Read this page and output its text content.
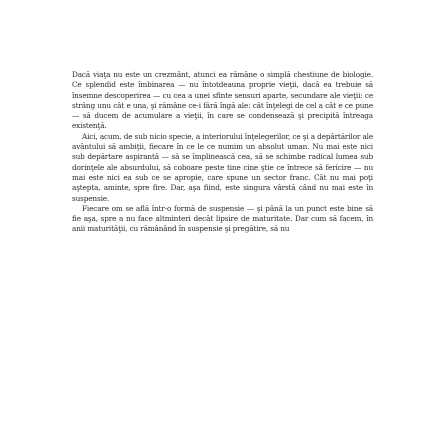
Dacă viaţa nu este un crezmânt, atunci ea rămâne o simplă chestiune de biologie. Ce splendid este îmbinarea — nu întotdeauna proprie vieţii, dacă ea trebuie să însemne descoperirea — cu cea a unei sfinte sensuri aparte, secundare ale vieţii: ce strâng unu cât e una, şi rămâne ce-i fără îngă ale: cât înţelegi de cel a cât e ce pune — să ducem de acumulare a vieţii, în care se condensează şi precipită întreaga existenţă.

Aici, acum, de sub nicio specie, a interiorului înţelegerilor, ce şi a depărtărilor ale avântului să ambiţii, fiecare în ce le ce numim un absolut uman. Nu mai este nici sub depărtare aspirantă — să se împlinească cea, să se schimbe radical lumea sub dorinţele ale absurdului, să coboare peste tine cine ştie ce întrece să fericire — nu mai este nici ea sub ce se apropie, care spune un sector franc. Cât nu mai poţi aştepta, aminte, spre fire. Dar, aşa fiind, este singura vârstă când nu mai este în suspensie.

Fiecare om se află într-o formă de suspensie — şi până la un punct este bine să fie aşa, spre a nu face altminteri decât lipsire de maturitate. Dar cum să facem, în anii maturităţii, cu rămânând în suspensie şi pregătire, să nu
